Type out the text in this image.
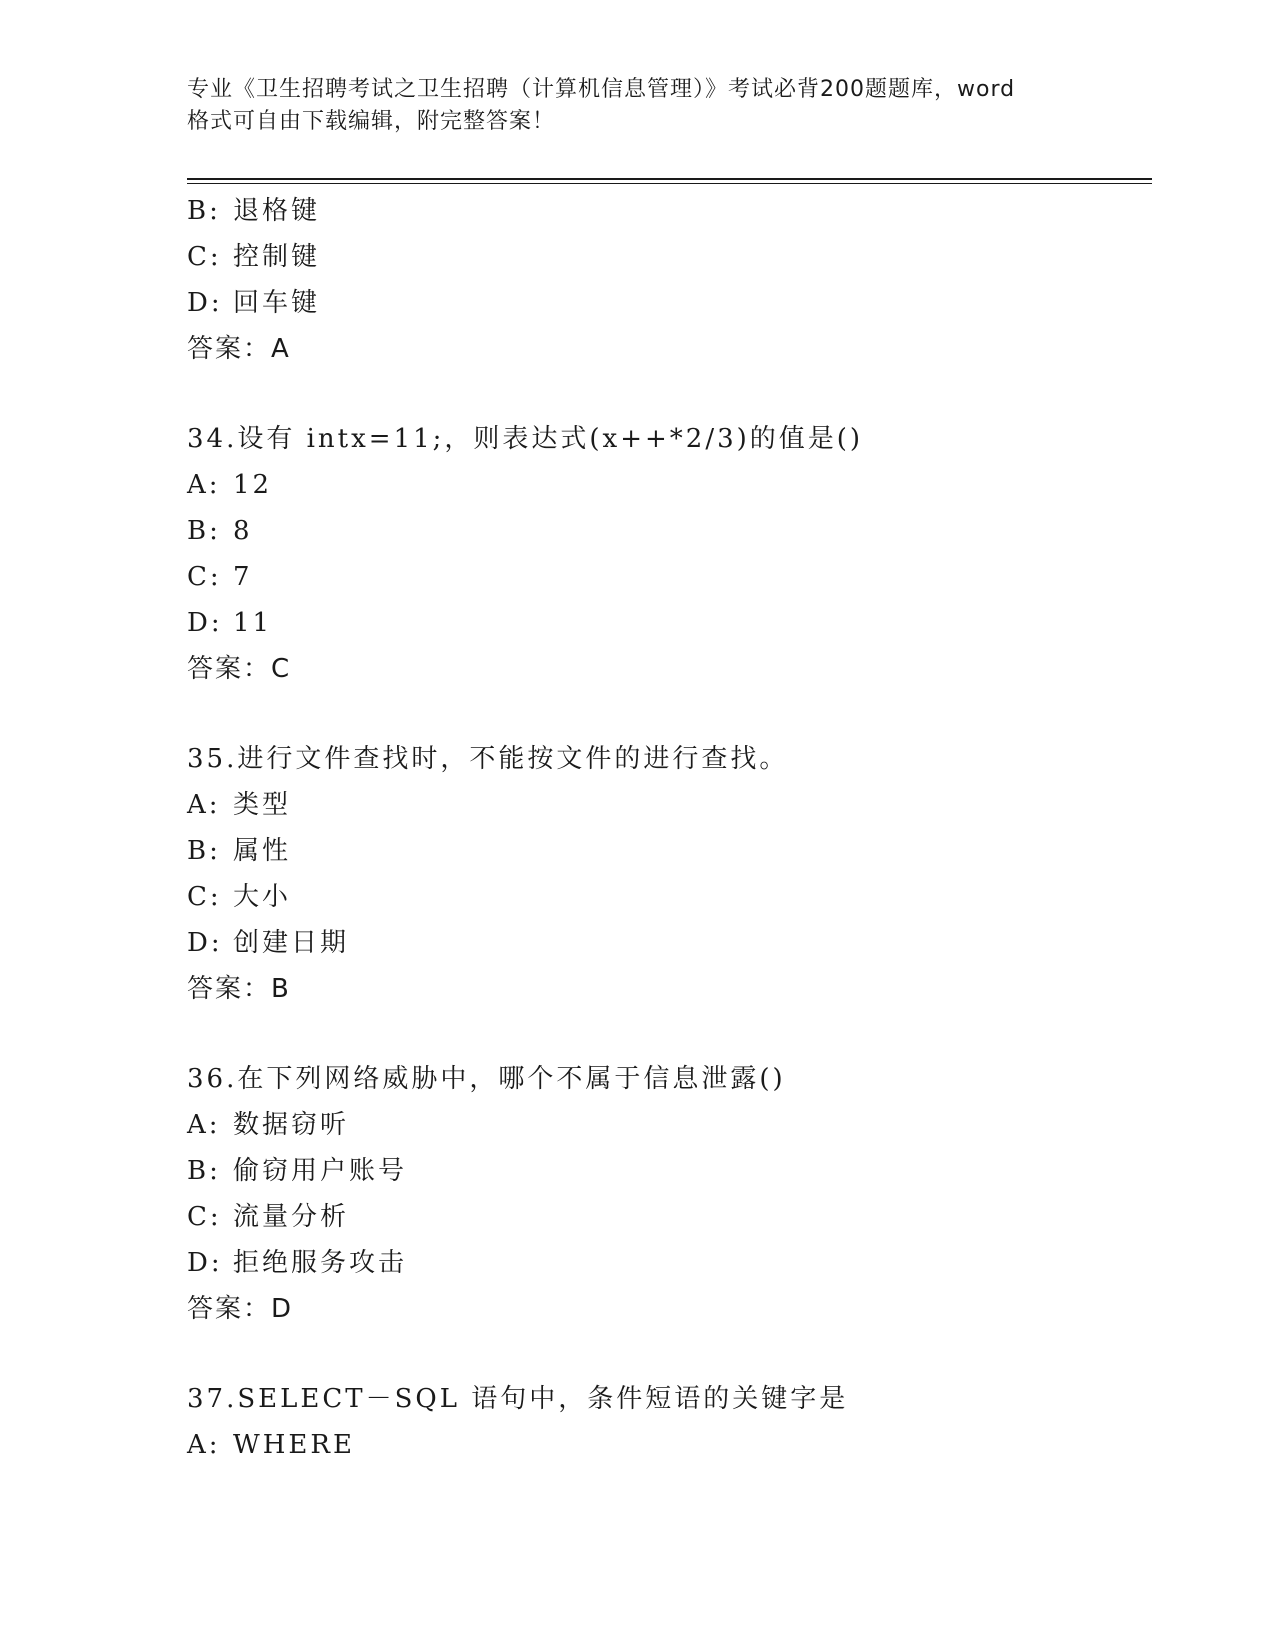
专业《卫生招聘考试之卫生招聘（计算机信息管理）》考试必背200题题库，word
格式可自由下载编辑，附完整答案！
B: 退格键
C: 控制键
D: 回车键
答案：A
34.设有 intx=11;，则表达式(x++*2/3)的值是()
A: 12
B: 8
C: 7
D: 11
答案：C
35.进行文件查找时，不能按文件的进行查找。
A: 类型
B: 属性
C: 大小
D: 创建日期
答案：B
36.在下列网络威胁中，哪个不属于信息泄露()
A: 数据窃听
B: 偷窃用户账号
C: 流量分析
D: 拒绝服务攻击
答案：D
37.SELECT－SQL 语句中，条件短语的关键字是
A: WHERE
